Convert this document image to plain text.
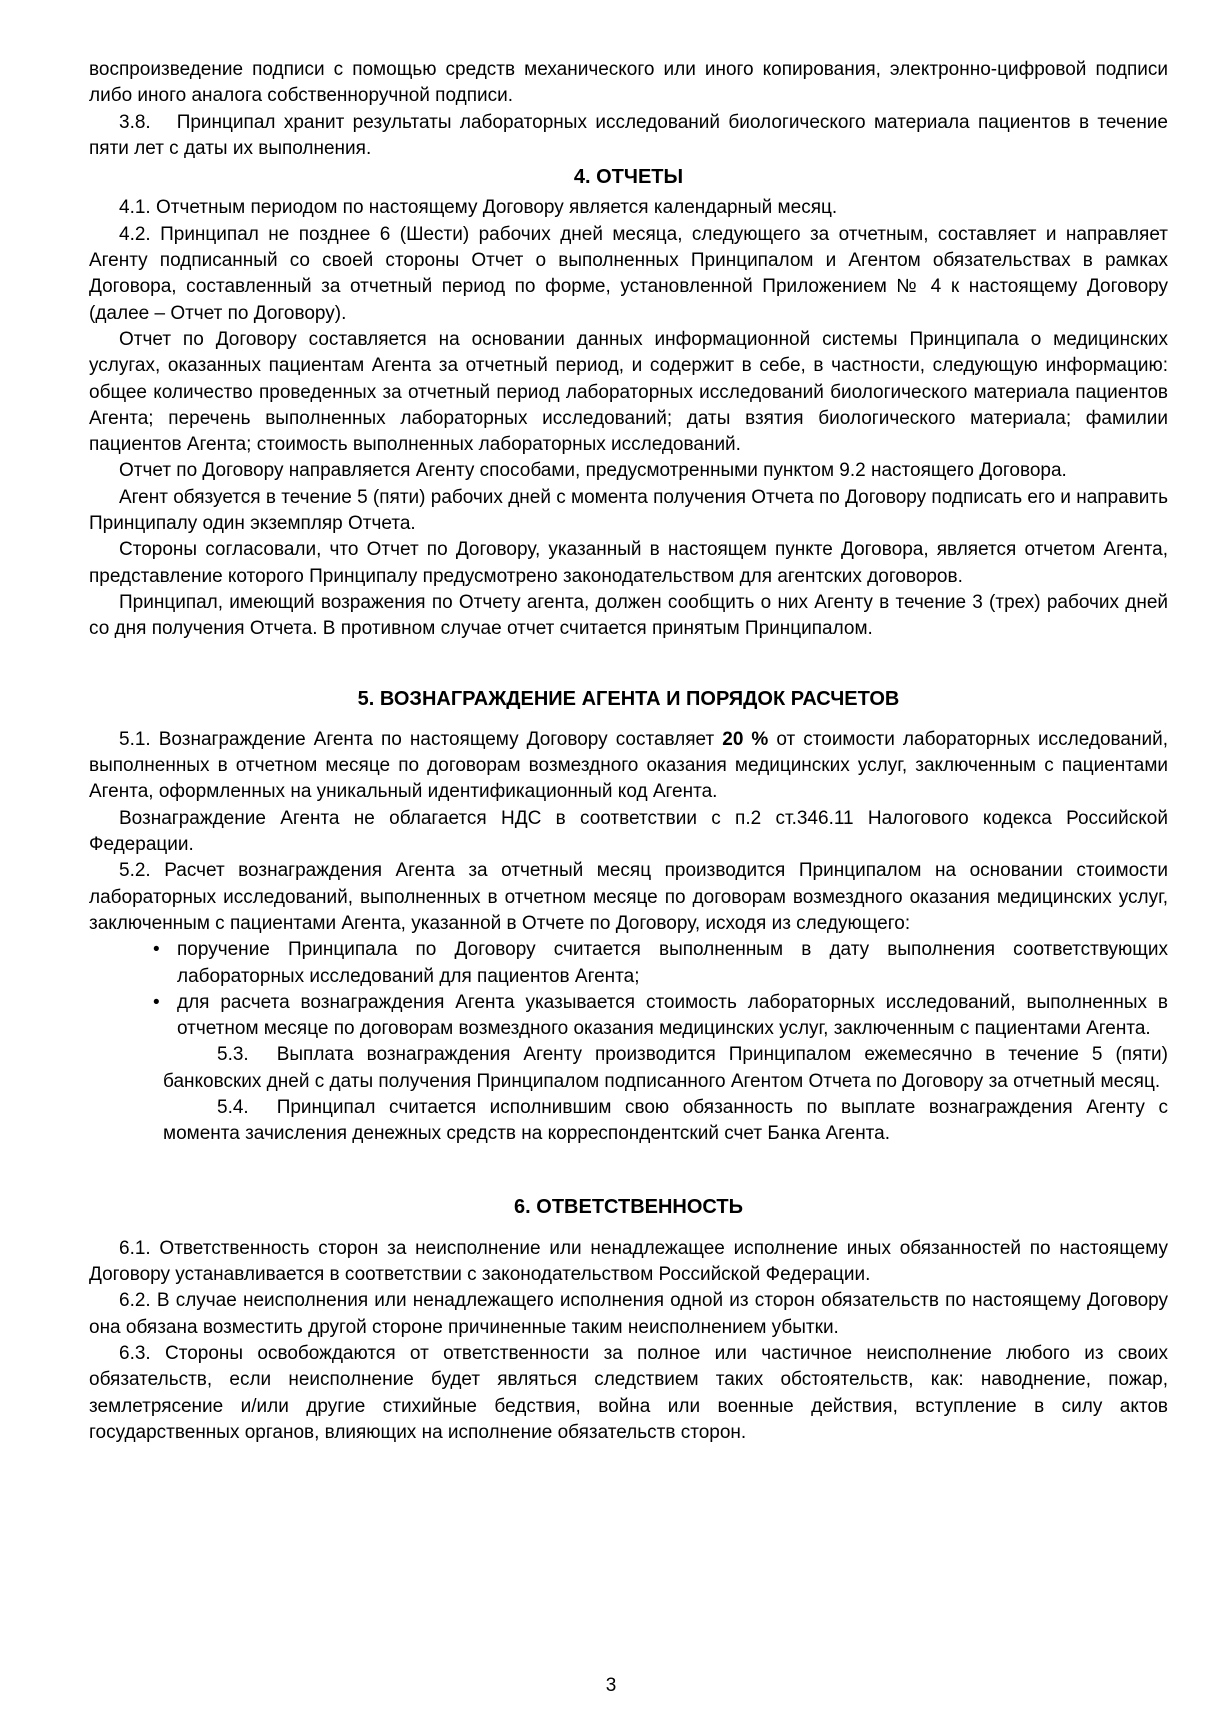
воспроизведение подписи с помощью средств механического или иного копирования, электронно-цифровой подписи либо иного аналога собственноручной подписи.

3.8. Принципал хранит результаты лабораторных исследований биологического материала пациентов в течение пяти лет с даты их выполнения.

4. ОТЧЕТЫ

4.1. Отчетным периодом по настоящему Договору является календарный месяц.

4.2. Принципал не позднее 6 (Шести) рабочих дней месяца, следующего за отчетным, составляет и направляет Агенту подписанный со своей стороны Отчет о выполненных Принципалом и Агентом обязательствах в рамках Договора, составленный за отчетный период по форме, установленной Приложением № 4 к настоящему Договору (далее – Отчет по Договору).

Отчет по Договору составляется на основании данных информационной системы Принципала о медицинских услугах, оказанных пациентам Агента за отчетный период, и содержит в себе, в частности, следующую информацию: общее количество проведенных за отчетный период лабораторных исследований биологического материала пациентов Агента; перечень выполненных лабораторных исследований; даты взятия биологического материала; фамилии пациентов Агента; стоимость выполненных лабораторных исследований.

Отчет по Договору направляется Агенту способами, предусмотренными пунктом 9.2 настоящего Договора.

Агент обязуется в течение 5 (пяти) рабочих дней с момента получения Отчета по Договору подписать его и направить Принципалу один экземпляр Отчета.

Стороны согласовали, что Отчет по Договору, указанный в настоящем пункте Договора, является отчетом Агента, представление которого Принципалу предусмотрено законодательством для агентских договоров.

Принципал, имеющий возражения по Отчету агента, должен сообщить о них Агенту в течение 3 (трех) рабочих дней со дня получения Отчета. В противном случае отчет считается принятым Принципалом.

5. ВОЗНАГРАЖДЕНИЕ АГЕНТА И ПОРЯДОК РАСЧЕТОВ

5.1. Вознаграждение Агента по настоящему Договору составляет 20 % от стоимости лабораторных исследований, выполненных в отчетном месяце по договорам возмездного оказания медицинских услуг, заключенным с пациентами Агента, оформленных на уникальный идентификационный код Агента.

Вознаграждение Агента не облагается НДС в соответствии с п.2 ст.346.11 Налогового кодекса Российской Федерации.

5.2. Расчет вознаграждения Агента за отчетный месяц производится Принципалом на основании стоимости лабораторных исследований, выполненных в отчетном месяце по договорам возмездного оказания медицинских услуг, заключенным с пациентами Агента, указанной в Отчете по Договору, исходя из следующего:

• поручение Принципала по Договору считается выполненным в дату выполнения соответствующих лабораторных исследований для пациентов Агента;
• для расчета вознаграждения Агента указывается стоимость лабораторных исследований, выполненных в отчетном месяце по договорам возмездного оказания медицинских услуг, заключенным с пациентами Агента.

5.3. Выплата вознаграждения Агенту производится Принципалом ежемесячно в течение 5 (пяти) банковских дней с даты получения Принципалом подписанного Агентом Отчета по Договору за отчетный месяц.

5.4. Принципал считается исполнившим свою обязанность по выплате вознаграждения Агенту с момента зачисления денежных средств на корреспондентский счет Банка Агента.

6. ОТВЕТСТВЕННОСТЬ

6.1. Ответственность сторон за неисполнение или ненадлежащее исполнение иных обязанностей по настоящему Договору устанавливается в соответствии с законодательством Российской Федерации.

6.2. В случае неисполнения или ненадлежащего исполнения одной из сторон обязательств по настоящему Договору она обязана возместить другой стороне причиненные таким неисполнением убытки.

6.3. Стороны освобождаются от ответственности за полное или частичное неисполнение любого из своих обязательств, если неисполнение будет являться следствием таких обстоятельств, как: наводнение, пожар, землетрясение и/или другие стихийные бедствия, война или военные действия, вступление в силу актов государственных органов, влияющих на исполнение обязательств сторон.

3
